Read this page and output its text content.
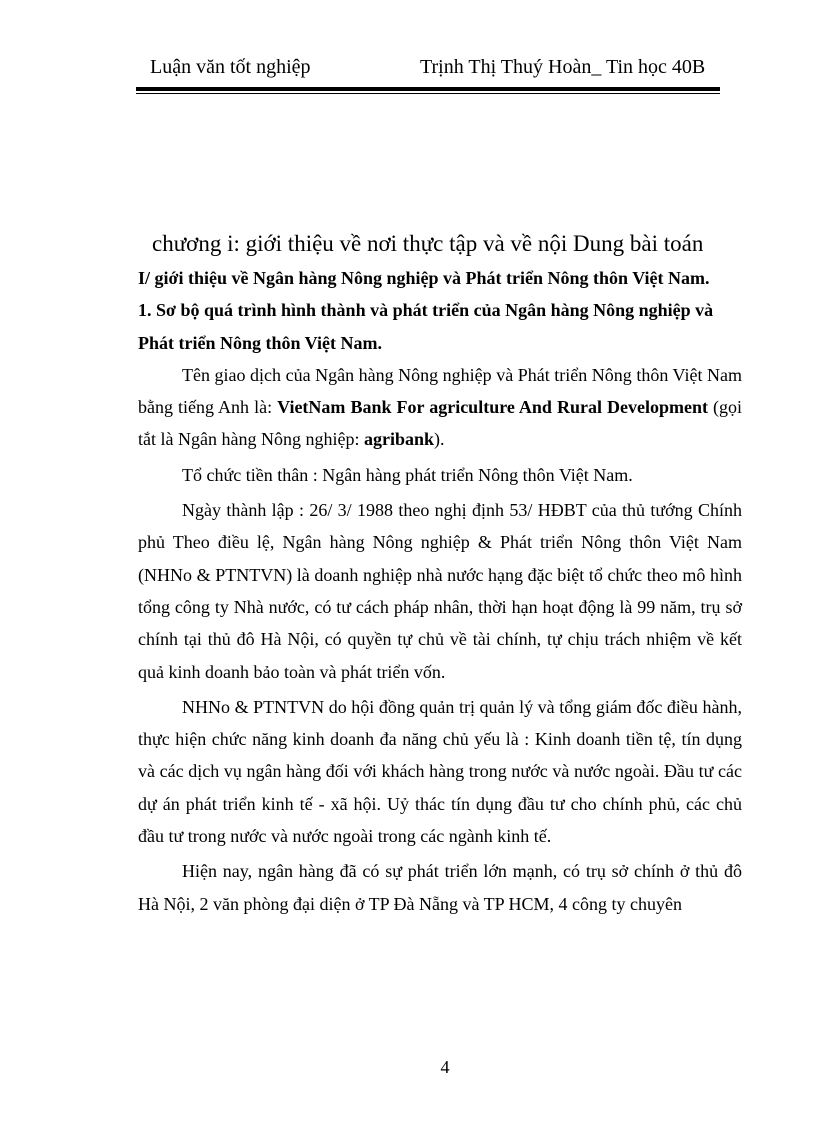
Luận văn tốt nghiệp	Trịnh Thị Thuý Hoàn_ Tin học 40B
chương i: giới thiệu về nơi thực tập và về nội Dung bài toán

I/ giới thiệu về Ngân hàng Nông nghiệp và Phát triển Nông thôn Việt Nam.

1. Sơ bộ quá trình hình thành và phát triển của Ngân hàng Nông nghiệp và Phát triển Nông thôn Việt Nam.

Tên giao dịch của Ngân hàng Nông nghiệp và Phát triển Nông thôn Việt Nam bằng tiếng Anh là: VietNam Bank For agriculture And Rural Development (gọi tắt là Ngân hàng Nông nghiệp: agribank).

Tổ chức tiền thân : Ngân hàng phát triển Nông thôn Việt Nam.

Ngày thành lập : 26/ 3/ 1988 theo nghị định 53/ HĐBT của thủ tướng Chính phủ Theo điều lệ, Ngân hàng Nông nghiệp & Phát triển Nông thôn Việt Nam (NHNo & PTNTVN) là doanh nghiệp nhà nước hạng đặc biệt tổ chức theo mô hình tổng công ty Nhà nước, có tư cách pháp nhân, thời hạn hoạt động là 99 năm, trụ sở chính tại thủ đô Hà Nội, có quyền tự chủ về tài chính, tự chịu trách nhiệm về kết quả kinh doanh bảo toàn và phát triển vốn.

NHNo & PTNTVN do hội đồng quản trị quản lý và tổng giám đốc điều hành, thực hiện chức năng kinh doanh đa năng chủ yếu là : Kinh doanh tiền tệ, tín dụng và các dịch vụ ngân hàng đối với khách hàng trong nước và nước ngoài. Đầu tư các dự án phát triển kinh tế - xã hội. Uỷ thác tín dụng đầu tư cho chính phủ, các chủ đầu tư trong nước và nước ngoài trong các ngành kinh tế.

Hiện nay, ngân hàng đã có sự phát triển lớn mạnh, có trụ sở chính ở thủ đô Hà Nội, 2 văn phòng đại diện ở TP Đà Nẵng và TP HCM, 4 công ty chuyên

4
